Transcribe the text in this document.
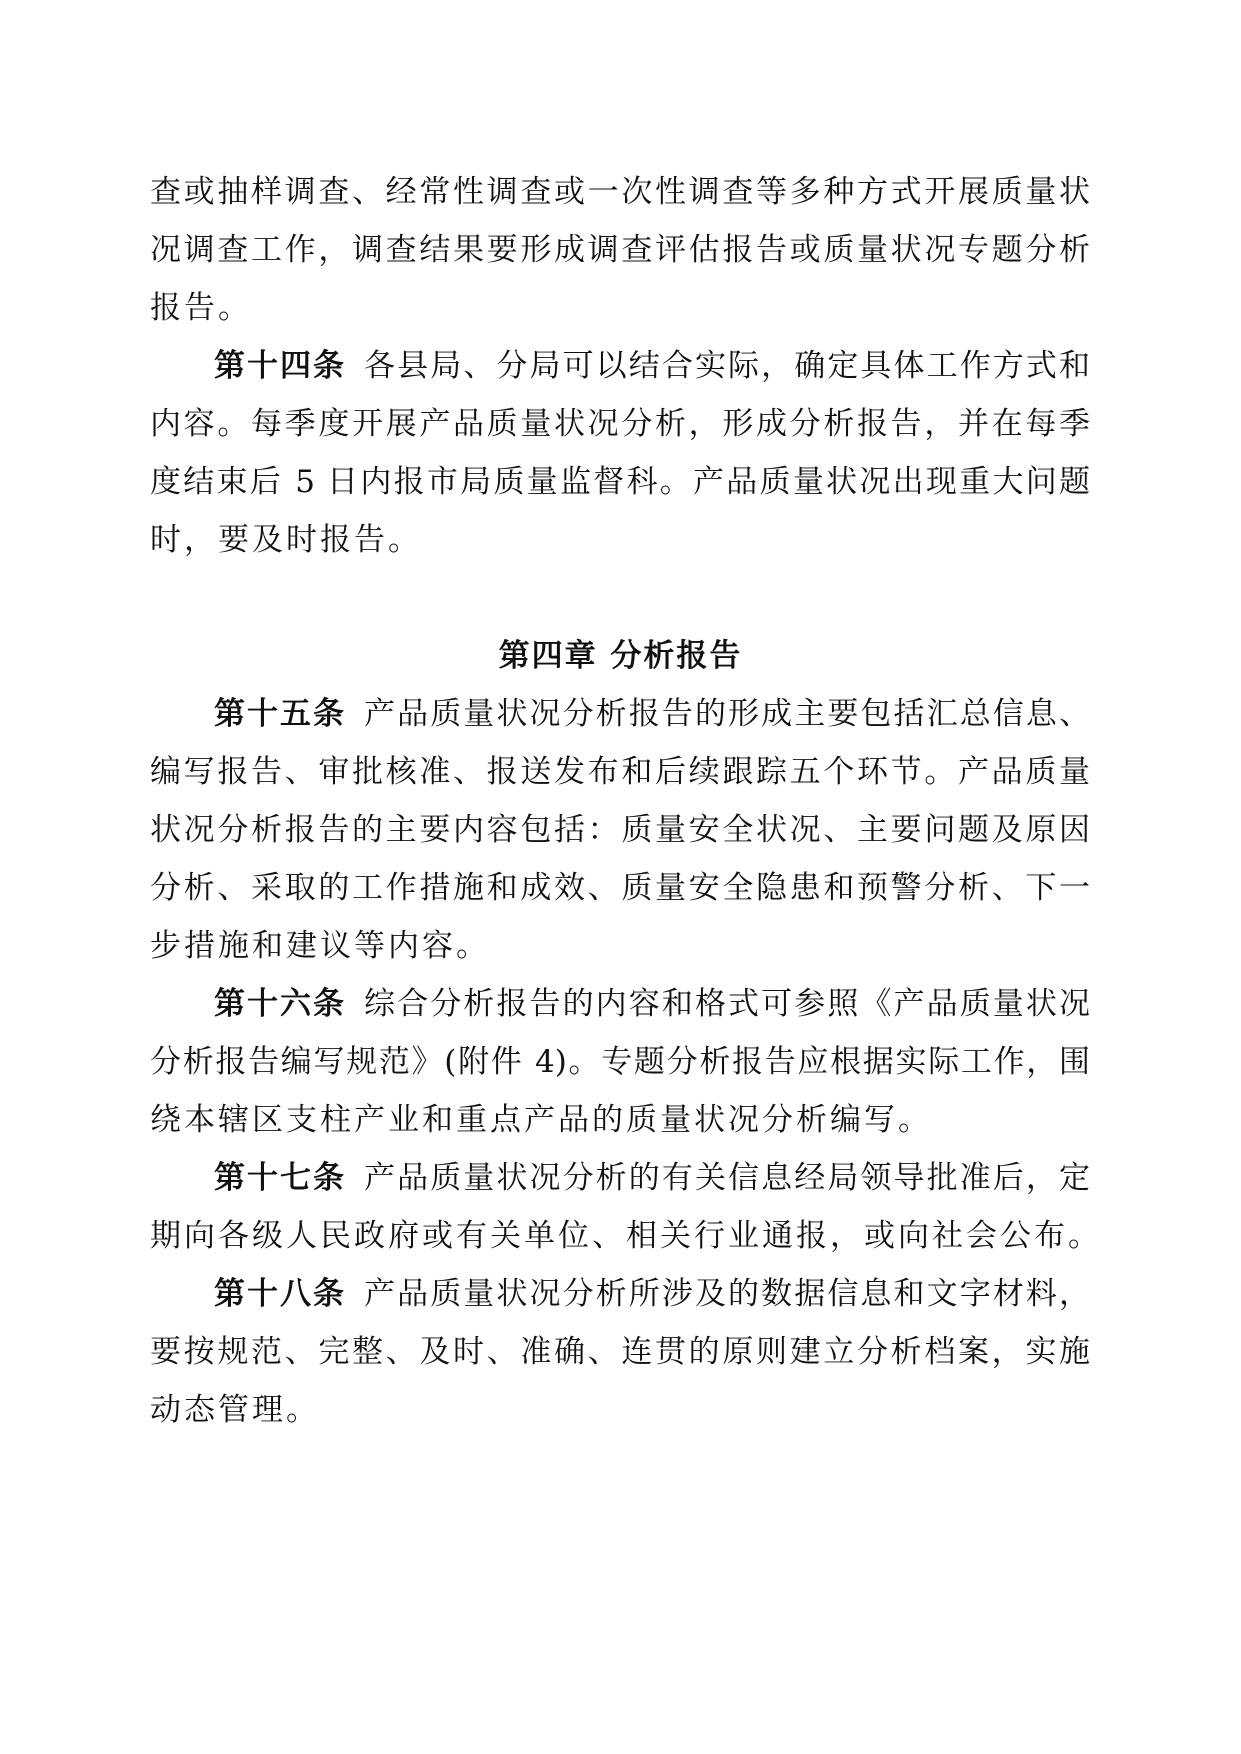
查或抽样调查、经常性调查或一次性调查等多种方式开展质量状
况调查工作，调查结果要形成调查评估报告或质量状况专题分析
报告。
第十四条 各县局、分局可以结合实际，确定具体工作方式和
内容。每季度开展产品质量状况分析，形成分析报告，并在每季
度结束后 5 日内报市局质量监督科。产品质量状况出现重大问题
时，要及时报告。
第四章 分析报告
第十五条 产品质量状况分析报告的形成主要包括汇总信息、
编写报告、审批核准、报送发布和后续跟踪五个环节。产品质量
状况分析报告的主要内容包括：质量安全状况、主要问题及原因
分析、采取的工作措施和成效、质量安全隐患和预警分析、下一
步措施和建议等内容。
第十六条 综合分析报告的内容和格式可参照《产品质量状况
分析报告编写规范》(附件 4)。专题分析报告应根据实际工作，围
绕本辖区支柱产业和重点产品的质量状况分析编写。
第十七条 产品质量状况分析的有关信息经局领导批准后，定
期向各级人民政府或有关单位、相关行业通报，或向社会公布。
第十八条 产品质量状况分析所涉及的数据信息和文字材料，
要按规范、完整、及时、准确、连贯的原则建立分析档案，实施
动态管理。
